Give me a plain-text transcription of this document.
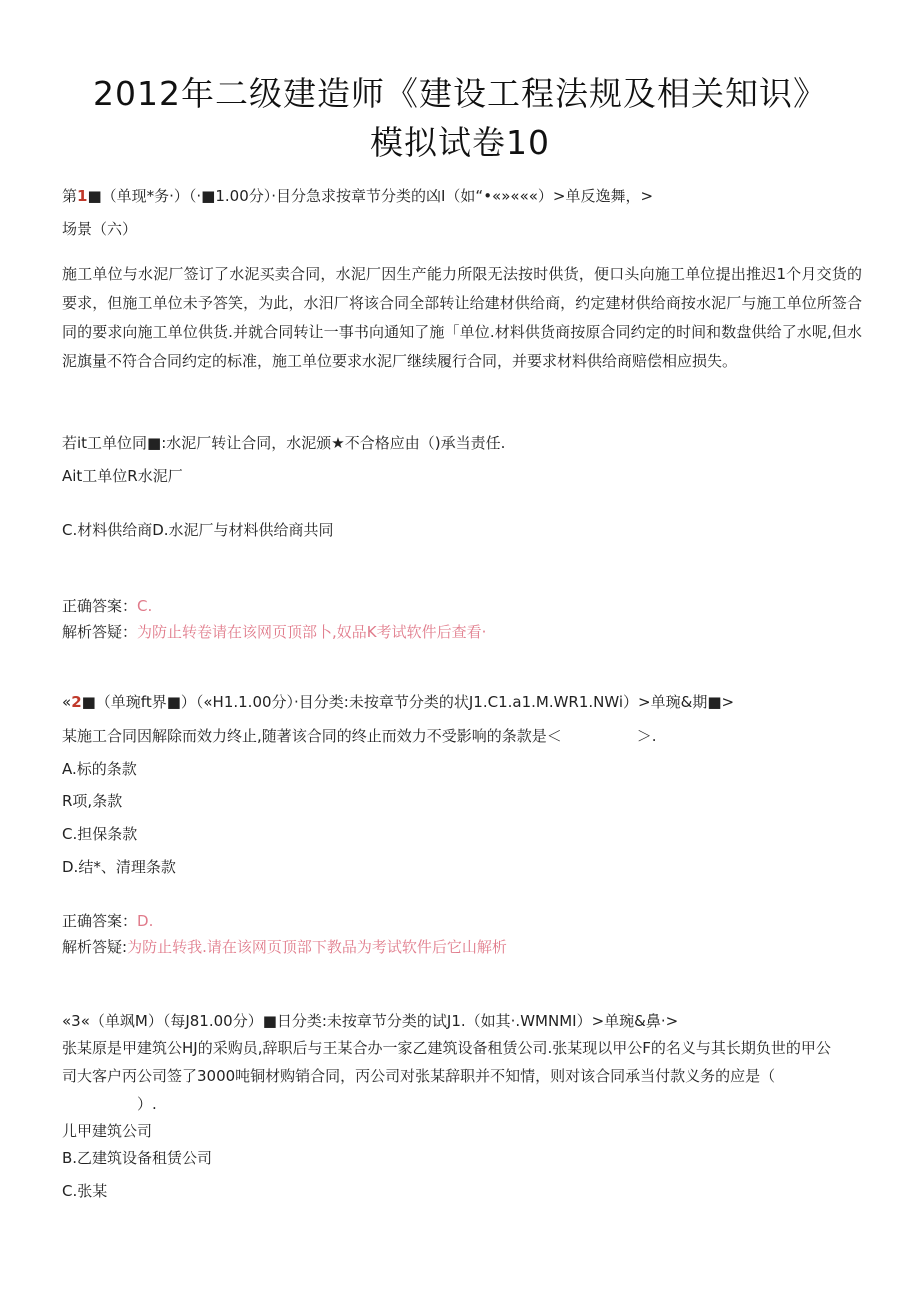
2012年二级建造师《建设工程法规及相关知识》
模拟试卷10
第1■（单现*务·）（·■1.00分）·目分急求按章节分类的凶I（如“•«»«««）>单反逸舞，>
场景（六）

施工单位与水泥厂签订了水泥买卖合同，水泥厂因生产能力所限无法按时供货，便口头向施工单位提出推迟1个月交货的要求，但施工单位未予答笑，为此，水汨厂将该合同全部转让给建材供给商，约定建材供给商按水泥厂与施工单位所签合同的要求向施工单位供货.并就合同转让一事书向通知了施「单位.材料供货商按原合同约定的时间和数盘供给了水呢,但水泥旗量不符合合同约定的标准，施工单位要求水泥厂继续履行合同，并要求材料供给商赔偿相应损失。

若it工单位同■:水泥厂转让合同，水泥颁★不合格应由（)承当责任.
Ait工单位R水泥厂
C.材料供给商D.水泥厂与材料供给商共同
正确答案：C.
解析答疑：为防止转卷请在该网页顶部卜,奴品K考试软件后查看·
«2■（单琬ft界■）（«H1.1.00分）·目分类:未按章节分类的状J1.C1.a1.M.WR1.NWi）>单琬&期■>
某施工合同因解除而效力终止,随著该合同的终止而效力不受影响的条款是＜　　　　　＞.
A.标的条款
R项,条款
C.担保条款
D.结*、清理条款
正确答案：D.
解析答疑:为防止转我.请在该网页顶部下教品为考试软件后它山解析
«3«（单飒M）（每J81.00分）■日分类:未按章节分类的试J1.（如其·.WMNMI）>单琬&鼻·>
张某原是甲建筑公HJ的采购员,辞职后与王某合办一家乙建筑设备租赁公司.张某现以甲公F的名义与其长期负世的甲公
司大客户丙公司签了3000吨铜材购销合同，丙公司对张某辞职并不知情，则对该合同承当付款义务的应是（
　　　　　）.
儿甲建筑公司
B.乙建筑设备租赁公司
C.张某
